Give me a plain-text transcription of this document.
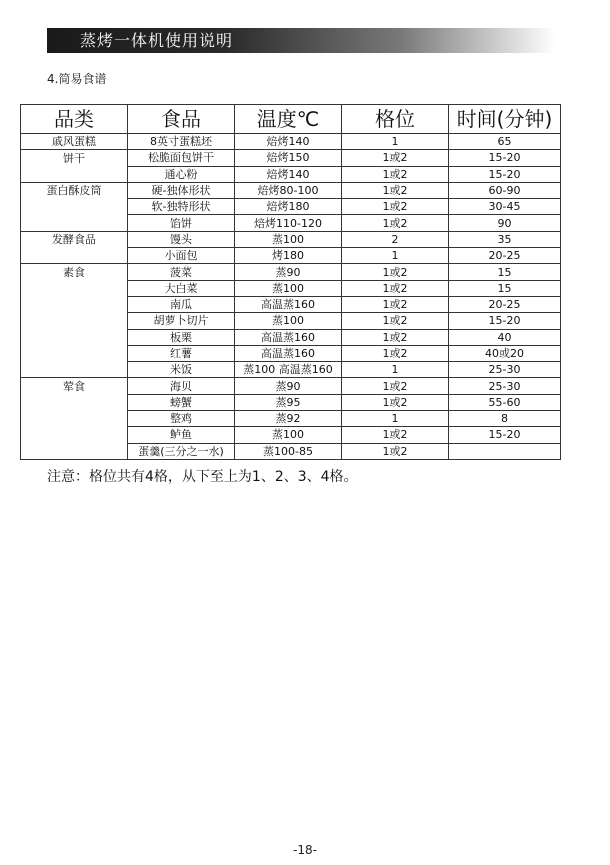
蒸烤一体机使用说明
4.简易食谱
品类	食品	温度℃	格位	时间(分钟)
戚风蛋糕	8英寸蛋糕坯	焙烤140	1	65
饼干	松脆面包饼干	焙烤150	1或2	15-20
	通心粉	焙烤140	1或2	15-20
蛋白酥皮筒	硬-独体形状	焙烤80-100	1或2	60-90
	软-独特形状	焙烤180	1或2	30-45
	馅饼	焙烤110-120	1或2	90
发酵食品	馒头	蒸100	2	35
	小面包	烤180	1	20-25
素食	菠菜	蒸90	1或2	15
	大白菜	蒸100	1或2	15
	南瓜	高温蒸160	1或2	20-25
	胡萝卜切片	蒸100	1或2	15-20
	板栗	高温蒸160	1或2	40
	红薯	高温蒸160	1或2	40或20
	米饭	蒸100 高温蒸160	1	25-30
荤食	海贝	蒸90	1或2	25-30
	螃蟹	蒸95	1或2	55-60
	整鸡	蒸92	1	8
	鲈鱼	蒸100	1或2	15-20
	蛋羹(三分之一水)	蒸100-85	1或2	
注意：格位共有4格，从下至上为1、2、3、4格。
-18-
